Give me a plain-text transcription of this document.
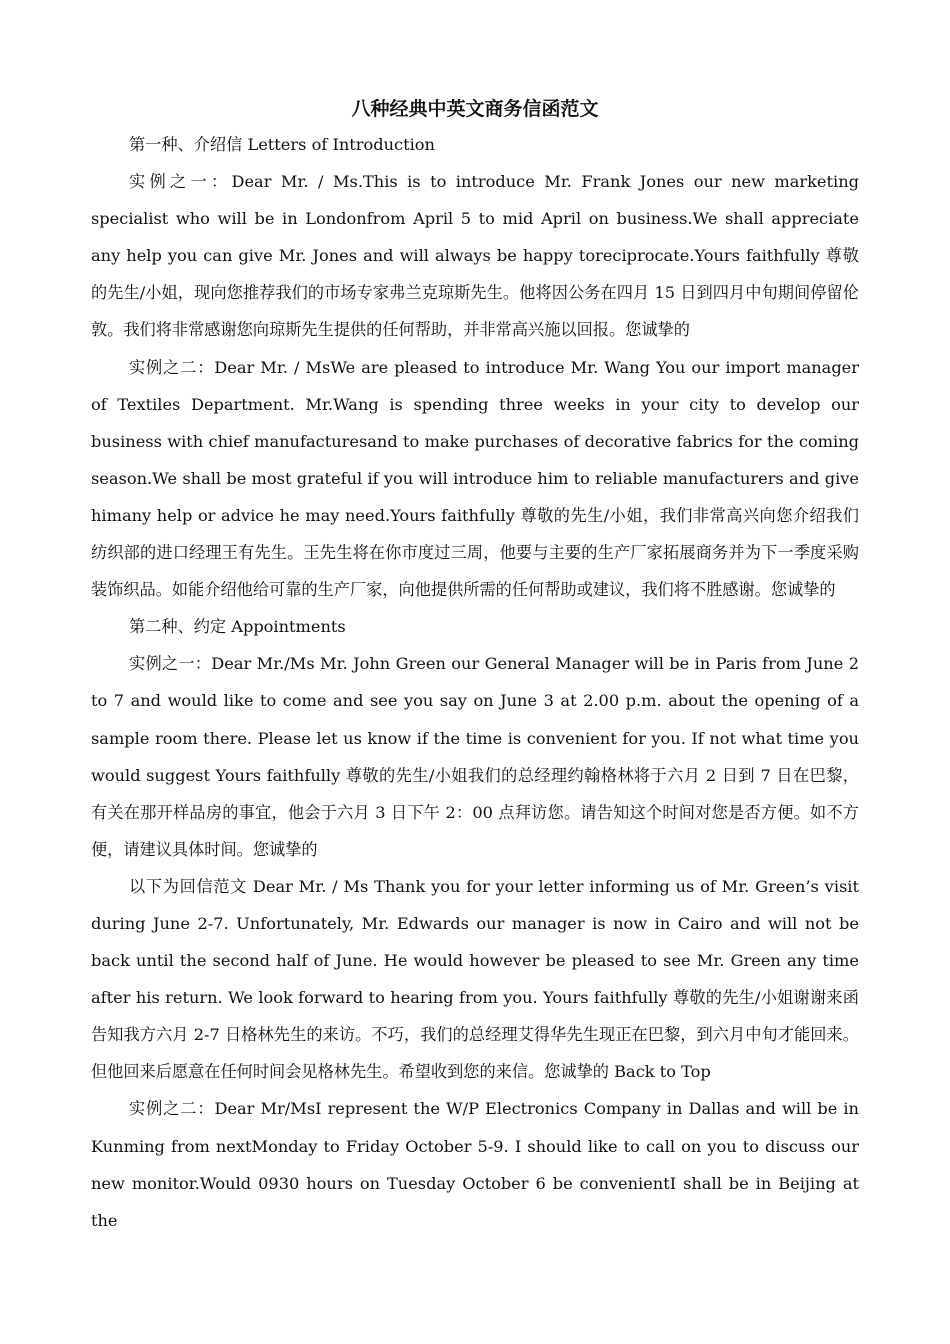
八种经典中英文商务信函范文

第一种、介绍信 Letters of Introduction

实例之一：Dear Mr. / Ms.This is to introduce Mr. Frank Jones our new marketing specialist who will be in Londonfrom April 5 to mid April on business.We shall appreciate any help you can give Mr. Jones and will always be happy toreciprocate.Yours faithfully 尊敬的先生/小姐，现向您推荐我们的市场专家弗兰克琼斯先生。他将因公务在四月 15 日到四月中旬期间停留伦敦。我们将非常感谢您向琼斯先生提供的任何帮助，并非常高兴施以回报。您诚挚的

实例之二：Dear Mr. / MsWe are pleased to introduce Mr. Wang You our import manager of Textiles Department. Mr.Wang is spending three weeks in your city to develop our business with chief manufacturesand to make purchases of decorative fabrics for the coming season.We shall be most grateful if you will introduce him to reliable manufacturers and give himany help or advice he may need.Yours faithfully 尊敬的先生/小姐，我们非常高兴向您介绍我们纺织部的进口经理王有先生。王先生将在你市度过三周，他要与主要的生产厂家拓展商务并为下一季度采购装饰织品。如能介绍他给可靠的生产厂家，向他提供所需的任何帮助或建议，我们将不胜感谢。您诚挚的

第二种、约定 Appointments

实例之一：Dear Mr./Ms Mr. John Green our General Manager will be in Paris from June 2 to 7 and would like to come and see you say on June 3 at 2.00 p.m. about the opening of a sample room there. Please let us know if the time is convenient for you. If not what time you would suggest Yours faithfully 尊敬的先生/小姐我们的总经理约翰格林将于六月 2 日到 7 日在巴黎，有关在那开样品房的事宜，他会于六月 3 日下午 2：00 点拜访您。请告知这个时间对您是否方便。如不方便，请建议具体时间。您诚挚的

以下为回信范文 Dear Mr. / Ms Thank you for your letter informing us of Mr. Green’s visit during June 2-7. Unfortunately, Mr. Edwards our manager is now in Cairo and will not be back until the second half of June. He would however be pleased to see Mr. Green any time after his return. We look forward to hearing from you. Yours faithfully 尊敬的先生/小姐谢谢来函告知我方六月 2-7 日格林先生的来访。不巧，我们的总经理艾得华先生现正在巴黎，到六月中旬才能回来。但他回来后愿意在任何时间会见格林先生。希望收到您的来信。您诚挚的 Back to Top

实例之二：Dear Mr/MsI represent the W/P Electronics Company in Dallas and will be in Kunming from nextMonday to Friday October 5-9. I should like to call on you to discuss our new monitor.Would 0930 hours on Tuesday October 6 be convenientI shall be in Beijing at the
